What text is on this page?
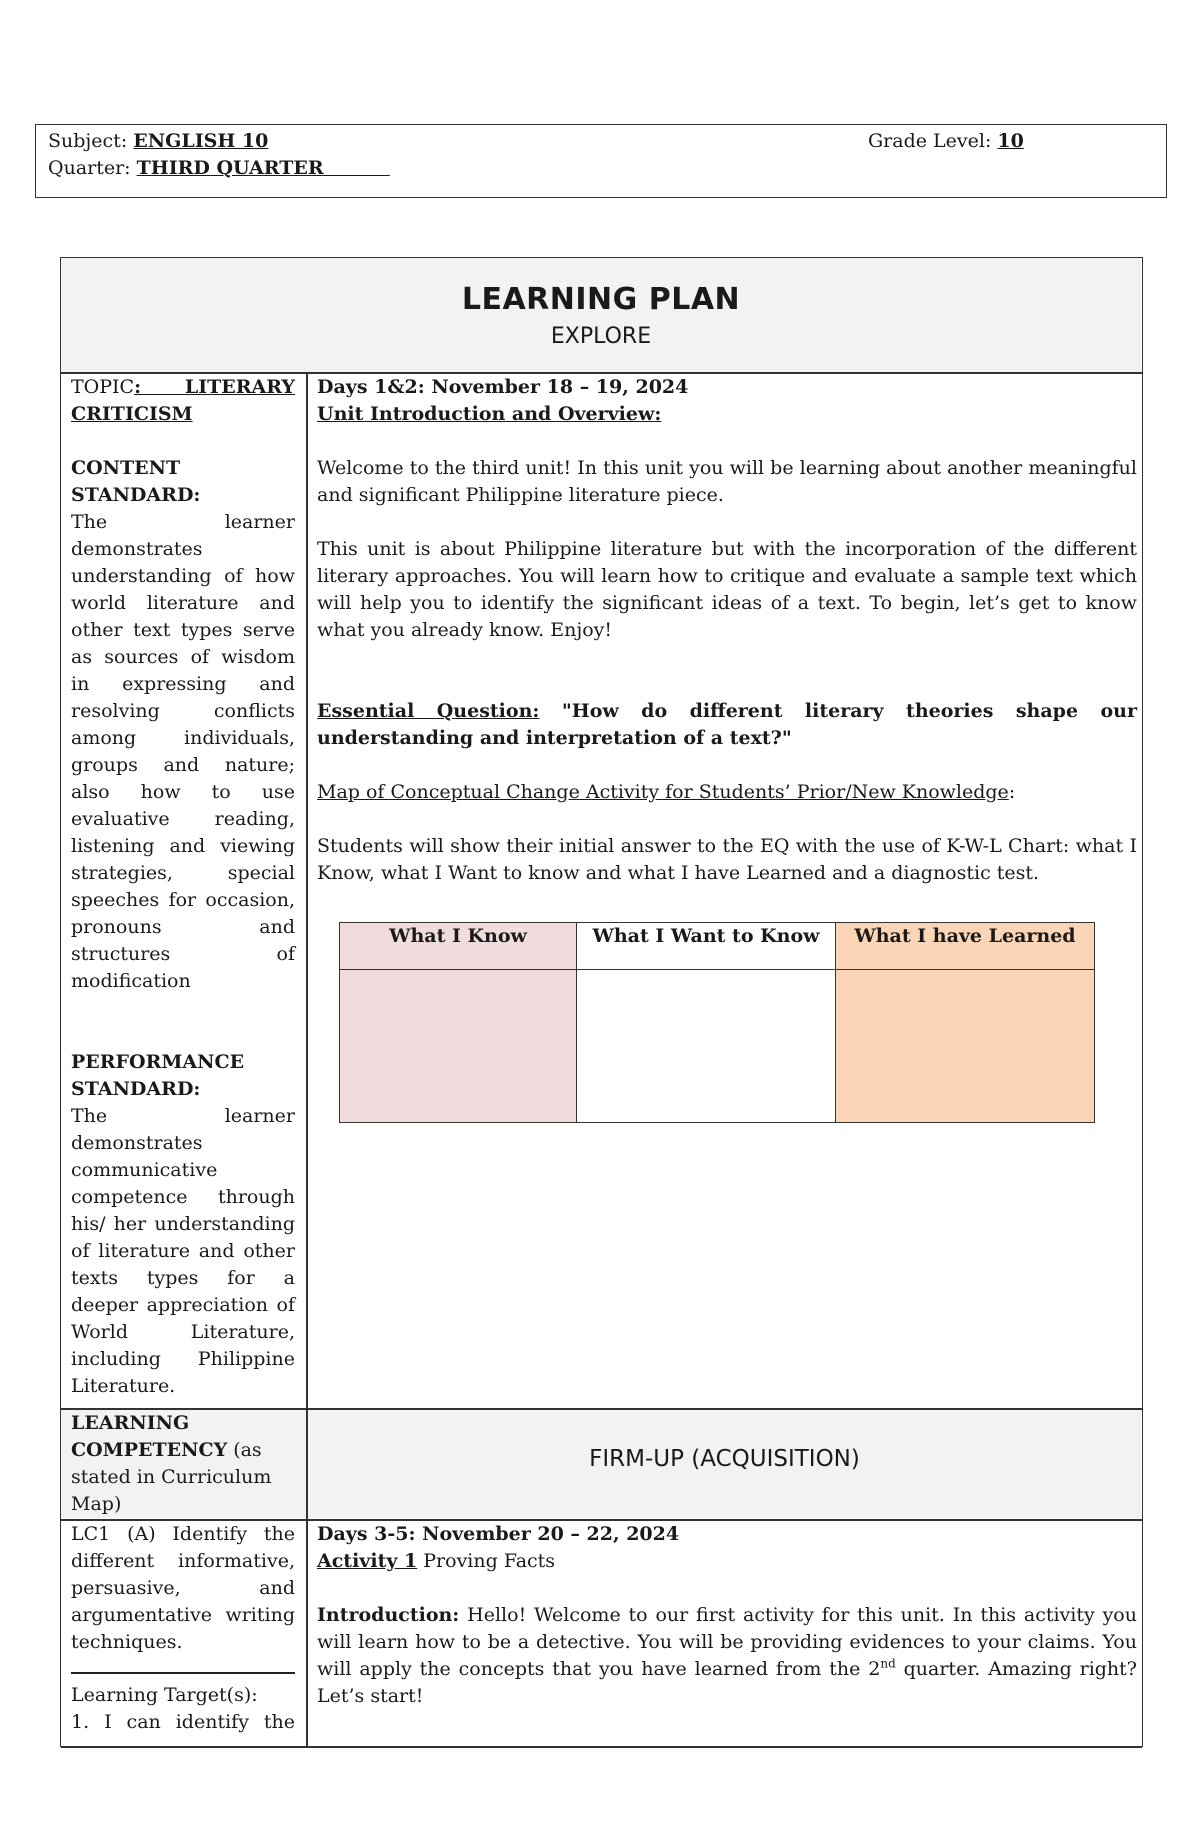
Subject: ENGLISH 10	Grade Level: 10
Quarter: THIRD QUARTER
LEARNING PLAN
EXPLORE

TOPIC: LITERARY CRITICISM

CONTENT STANDARD:

The learner demonstrates understanding of how world literature and other text types serve as sources of wisdom in expressing and resolving conflicts among individuals, groups and nature; also how to use evaluative reading, listening and viewing strategies, special speeches for occasion, pronouns and structures of modification

PERFORMANCE STANDARD:

The learner demonstrates communicative competence through his/ her understanding of literature and other texts types for a deeper appreciation of World Literature, including Philippine Literature.

Days 1&2: November 18 – 19, 2024

Unit Introduction and Overview:

Welcome to the third unit! In this unit you will be learning about another meaningful and significant Philippine literature piece.

This unit is about Philippine literature but with the incorporation of the different literary approaches. You will learn how to critique and evaluate a sample text which will help you to identify the significant ideas of a text. To begin, let’s get to know what you already know. Enjoy!

Essential Question: "How do different literary theories shape our understanding and interpretation of a text?"

Map of Conceptual Change Activity for Students’ Prior/New Knowledge:

Students will show their initial answer to the EQ with the use of K-W-L Chart: what I Know, what I Want to know and what I have Learned and a diagnostic test.

What I Know	What I Want to Know	What I have Learned

FIRM-UP (ACQUISITION)

LEARNING COMPETENCY (as stated in Curriculum Map)

LC1 (A) Identify the different informative, persuasive, and argumentative writing techniques.

Learning Target(s):

1. I can identify the

Days 3-5: November 20 – 22, 2024

Activity 1 Proving Facts

Introduction: Hello! Welcome to our first activity for this unit. In this activity you will learn how to be a detective. You will be providing evidences to your claims. You will apply the concepts that you have learned from the 2nd quarter. Amazing right? Let’s start!
